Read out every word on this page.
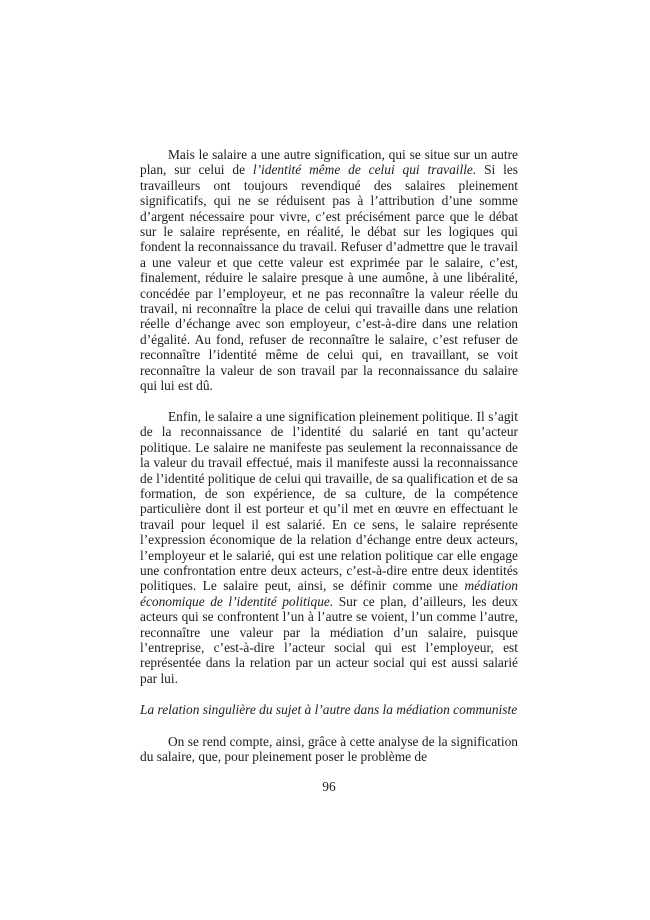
Mais le salaire a une autre signification, qui se situe sur un autre plan, sur celui de l’identité même de celui qui travaille. Si les travailleurs ont toujours revendiqué des salaires pleinement significatifs, qui ne se réduisent pas à l’attribution d’une somme d’argent nécessaire pour vivre, c’est précisément parce que le débat sur le salaire représente, en réalité, le débat sur les logiques qui fondent la reconnaissance du travail. Refuser d’admettre que le travail a une valeur et que cette valeur est exprimée par le salaire, c’est, finalement, réduire le salaire presque à une aumône, à une libéralité, concédée par l’employeur, et ne pas reconnaître la valeur réelle du travail, ni reconnaître la place de celui qui travaille dans une relation réelle d’échange avec son employeur, c’est-à-dire dans une relation d’égalité. Au fond, refuser de reconnaître le salaire, c’est refuser de reconnaître l’identité même de celui qui, en travaillant, se voit reconnaître la valeur de son travail par la reconnaissance du salaire qui lui est dû.

Enfin, le salaire a une signification pleinement politique. Il s’agit de la reconnaissance de l’identité du salarié en tant qu’acteur politique. Le salaire ne manifeste pas seulement la reconnaissance de la valeur du travail effectué, mais il manifeste aussi la reconnaissance de l’identité politique de celui qui travaille, de sa qualification et de sa formation, de son expérience, de sa culture, de la compétence particulière dont il est porteur et qu’il met en œuvre en effectuant le travail pour lequel il est salarié. En ce sens, le salaire représente l’expression économique de la relation d’échange entre deux acteurs, l’employeur et le salarié, qui est une relation politique car elle engage une confrontation entre deux acteurs, c’est-à-dire entre deux identités politiques. Le salaire peut, ainsi, se définir comme une médiation économique de l’identité politique. Sur ce plan, d’ailleurs, les deux acteurs qui se confrontent l’un à l’autre se voient, l’un comme l’autre, reconnaître une valeur par la médiation d’un salaire, puisque l’entreprise, c’est-à-dire l’acteur social qui est l’employeur, est représentée dans la relation par un acteur social qui est aussi salarié par lui.

La relation singulière du sujet à l’autre dans la médiation communiste

On se rend compte, ainsi, grâce à cette analyse de la signification du salaire, que, pour pleinement poser le problème de

96
